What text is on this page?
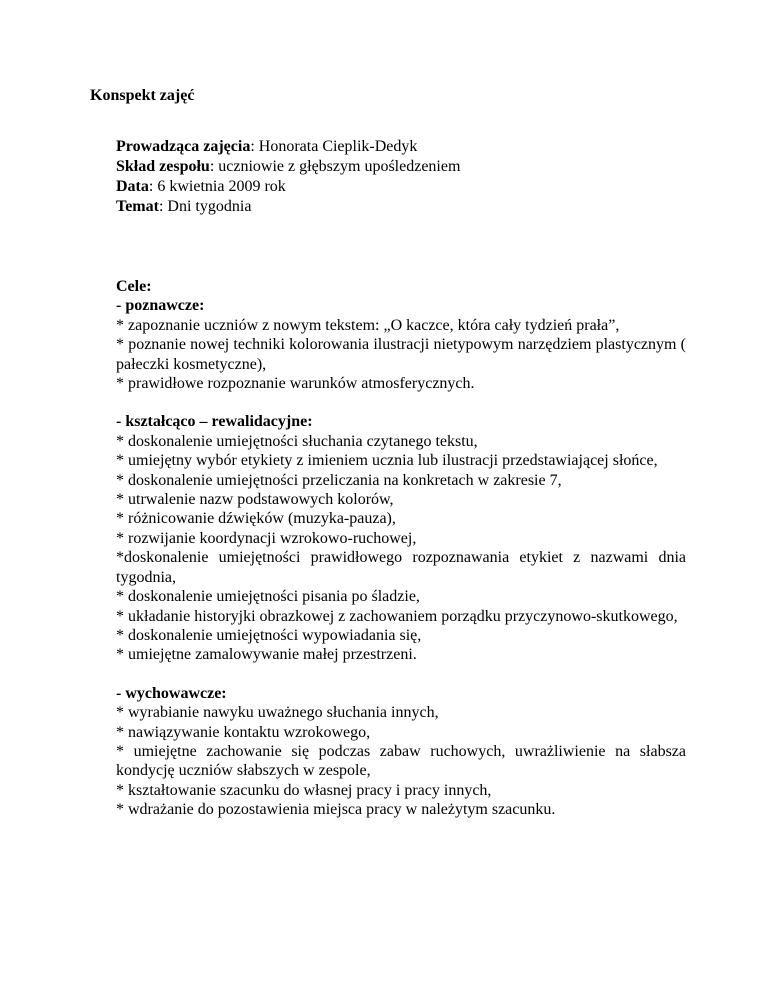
Konspekt zajęć
Prowadząca zajęcia: Honorata Cieplik-Dedyk
Skład zespołu: uczniowie z głębszym upośledzeniem
Data: 6 kwietnia 2009 rok
Temat: Dni tygodnia
Cele:
- poznawcze:
* zapoznanie uczniów z nowym tekstem: „O kaczce, która cały tydzień prała”,
* poznanie nowej techniki kolorowania ilustracji nietypowym narzędziem plastycznym ( pałeczki kosmetyczne),
* prawidłowe rozpoznanie warunków atmosferycznych.
- kształcąco – rewalidacyjne:
* doskonalenie umiejętności słuchania czytanego tekstu,
* umiejętny wybór etykiety z imieniem ucznia lub ilustracji przedstawiającej słońce,
* doskonalenie umiejętności przeliczania na konkretach w zakresie 7,
* utrwalenie nazw podstawowych kolorów,
* różnicowanie dźwięków (muzyka-pauza),
* rozwijanie koordynacji wzrokowo-ruchowej,
*doskonalenie umiejętności prawidłowego rozpoznawania etykiet z nazwami dnia tygodnia,
* doskonalenie umiejętności pisania po śladzie,
* układanie historyjki obrazkowej z zachowaniem porządku przyczynowo-skutkowego,
* doskonalenie umiejętności wypowiadania się,
* umiejętne zamalowywanie małej przestrzeni.
- wychowawcze:
* wyrabianie nawyku uważnego słuchania innych,
* nawiązywanie kontaktu wzrokowego,
* umiejętne zachowanie się podczas zabaw ruchowych, uwrażliwienie na słabsza kondycję uczniów słabszych w zespole,
* kształtowanie szacunku do własnej pracy i pracy innych,
* wdrażanie do pozostawienia miejsca pracy w należytym szacunku.
